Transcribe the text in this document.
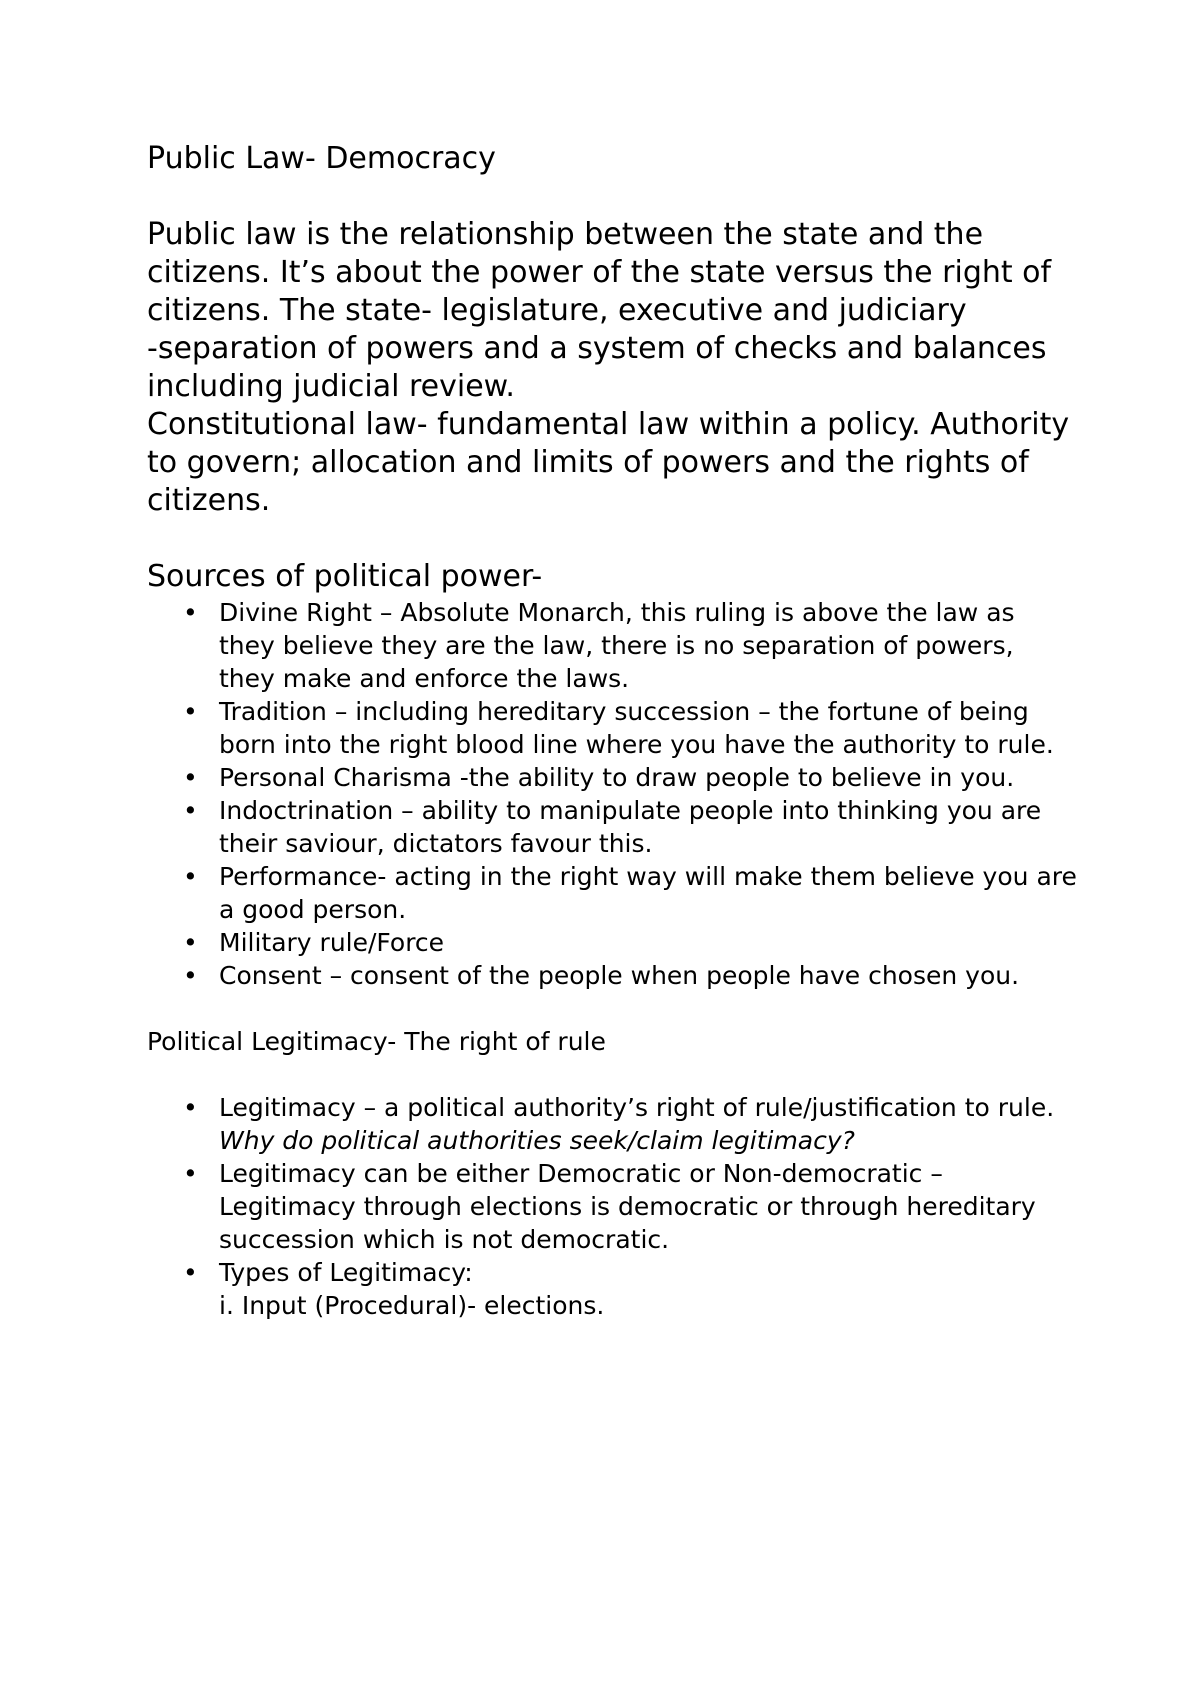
Public Law- Democracy

Public law is the relationship between the state and the citizens. It’s about the power of the state versus the right of citizens. The state- legislature, executive and judiciary

-separation of powers and a system of checks and balances including judicial review.

Constitutional law- fundamental law within a policy. Authority to govern; allocation and limits of powers and the rights of citizens.

Sources of political power-
• Divine Right – Absolute Monarch, this ruling is above the law as they believe they are the law, there is no separation of powers, they make and enforce the laws.
• Tradition – including hereditary succession – the fortune of being born into the right blood line where you have the authority to rule.
• Personal Charisma -the ability to draw people to believe in you.
• Indoctrination – ability to manipulate people into thinking you are their saviour, dictators favour this.
• Performance- acting in the right way will make them believe you are a good person.
• Military rule/Force
• Consent – consent of the people when people have chosen you.
Political Legitimacy- The right of rule
• Legitimacy – a political authority’s right of rule/justification to rule. Why do political authorities seek/claim legitimacy?
• Legitimacy can be either Democratic or Non-democratic – Legitimacy through elections is democratic or through hereditary succession which is not democratic.
• Types of Legitimacy:
i. Input (Procedural)- elections.
